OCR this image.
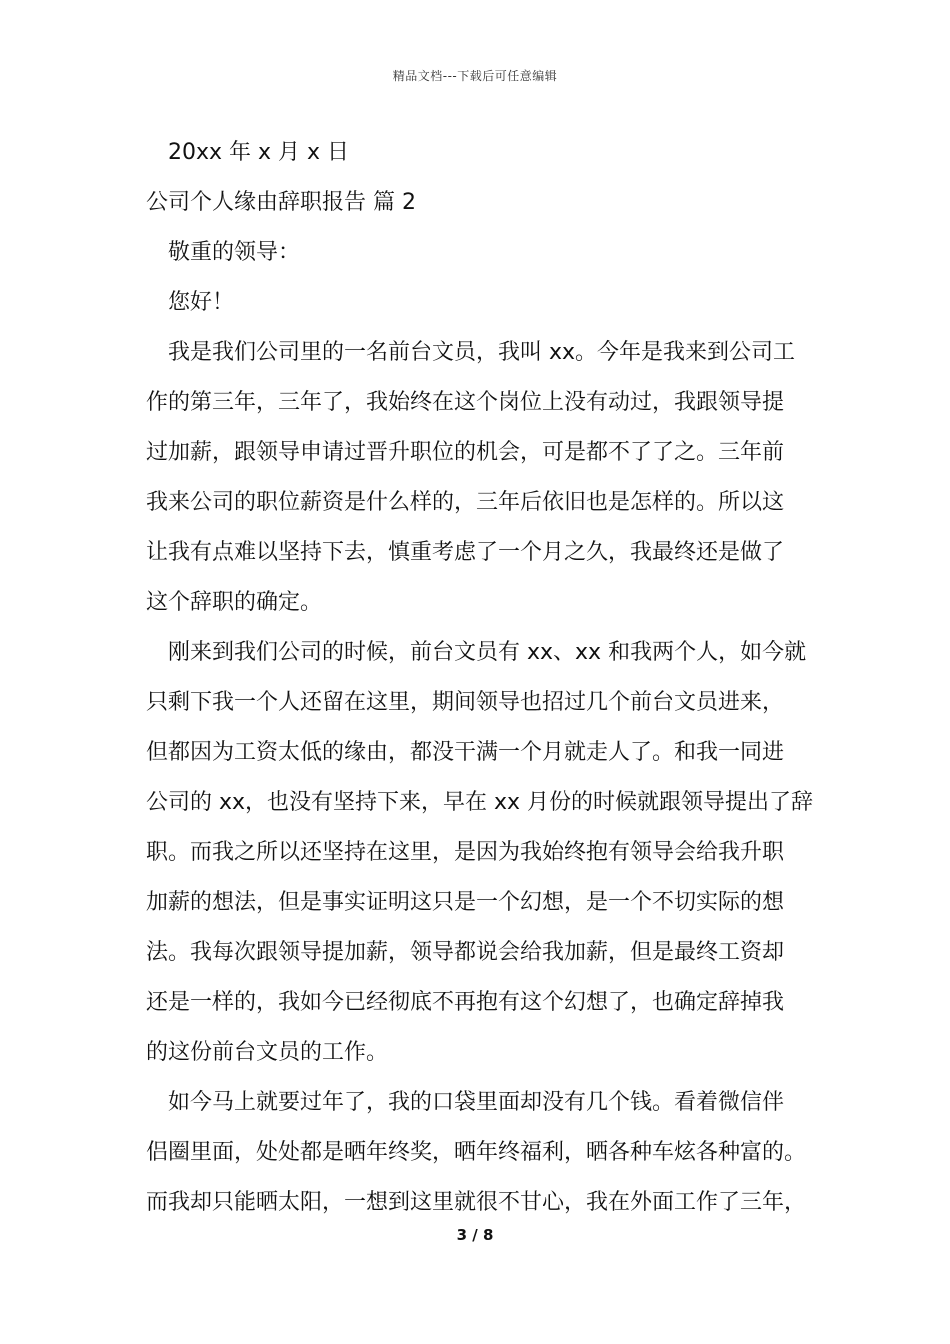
精品文档---下载后可任意编辑
20xx 年 x 月 x 日
公司个人缘由辞职报告 篇 2
敬重的领导：
您好！
我是我们公司里的一名前台文员，我叫 xx。今年是我来到公司工
作的第三年，三年了，我始终在这个岗位上没有动过，我跟领导提
过加薪，跟领导申请过晋升职位的机会，可是都不了了之。三年前
我来公司的职位薪资是什么样的，三年后依旧也是怎样的。所以这
让我有点难以坚持下去，慎重考虑了一个月之久，我最终还是做了
这个辞职的确定。
刚来到我们公司的时候，前台文员有 xx、xx 和我两个人，如今就
只剩下我一个人还留在这里，期间领导也招过几个前台文员进来，
但都因为工资太低的缘由，都没干满一个月就走人了。和我一同进
公司的 xx，也没有坚持下来，早在 xx 月份的时候就跟领导提出了辞
职。而我之所以还坚持在这里，是因为我始终抱有领导会给我升职
加薪的想法，但是事实证明这只是一个幻想，是一个不切实际的想
法。我每次跟领导提加薪，领导都说会给我加薪，但是最终工资却
还是一样的，我如今已经彻底不再抱有这个幻想了，也确定辞掉我
的这份前台文员的工作。
如今马上就要过年了，我的口袋里面却没有几个钱。看着微信伴
侣圈里面，处处都是晒年终奖，晒年终福利，晒各种车炫各种富的。
而我却只能晒太阳，一想到这里就很不甘心，我在外面工作了三年，
3 / 8
